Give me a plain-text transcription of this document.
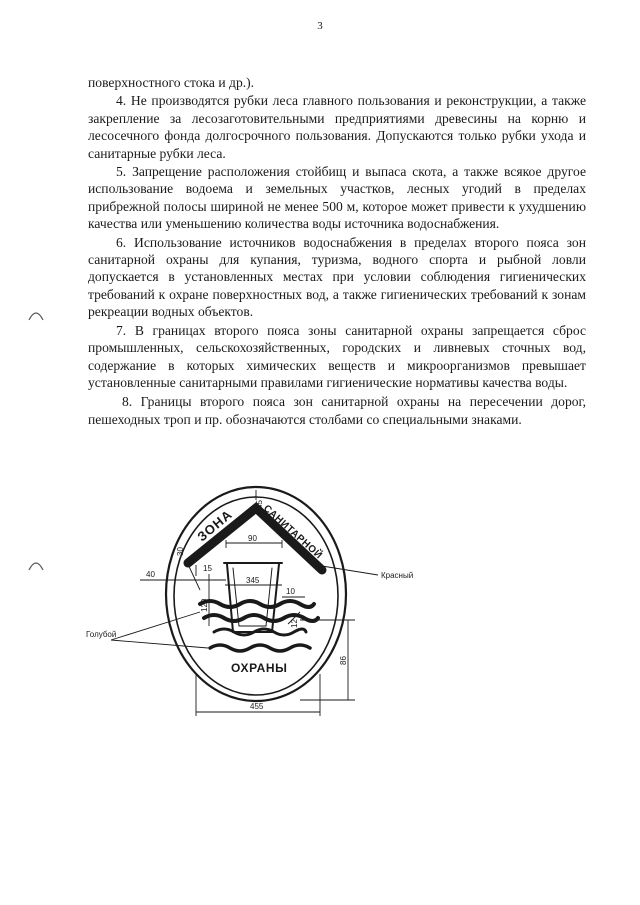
3

поверхностного стока и др.).

4. Не производятся рубки леса главного пользования и реконструкции, а также закрепление за лесозаготовительными предприятиями древесины на корню и лесосечного фонда долгосрочного пользования. Допускаются только рубки ухода и санитарные рубки леса.

5. Запрещение расположения стойбищ и выпаса скота, а также всякое другое использование водоема и земельных участков, лесных угодий в пределах прибрежной полосы шириной не менее 500 м, которое может привести к ухудшению качества или уменьшению количества воды источника водоснабжения.

6. Использование источников водоснабжения в пределах второго пояса зон санитарной охраны для купания, туризма, водного спорта и рыбной ловли допускается в установленных местах при условии соблюдения гигиенических требований к охране поверхностных вод, а также гигиенических требований к зонам рекреации водных объектов.

7. В границах второго пояса зоны санитарной охраны запрещается сброс промышленных, сельскохозяйственных, городских и ливневых сточных вод, содержание в которых химических веществ и микроорганизмов превышает установленные санитарными правилами гигиенические нормативы качества воды.

8. Границы второго пояса зон санитарной охраны на пересечении дорог, пешеходных троп и пр. обозначаются столбами со специальными знаками.

ЗОНА	САНИТАРНОЙ
ОХРАНЫ
45
90
30
15
40
345
10
120
12
86
455
Красный
Голубой
